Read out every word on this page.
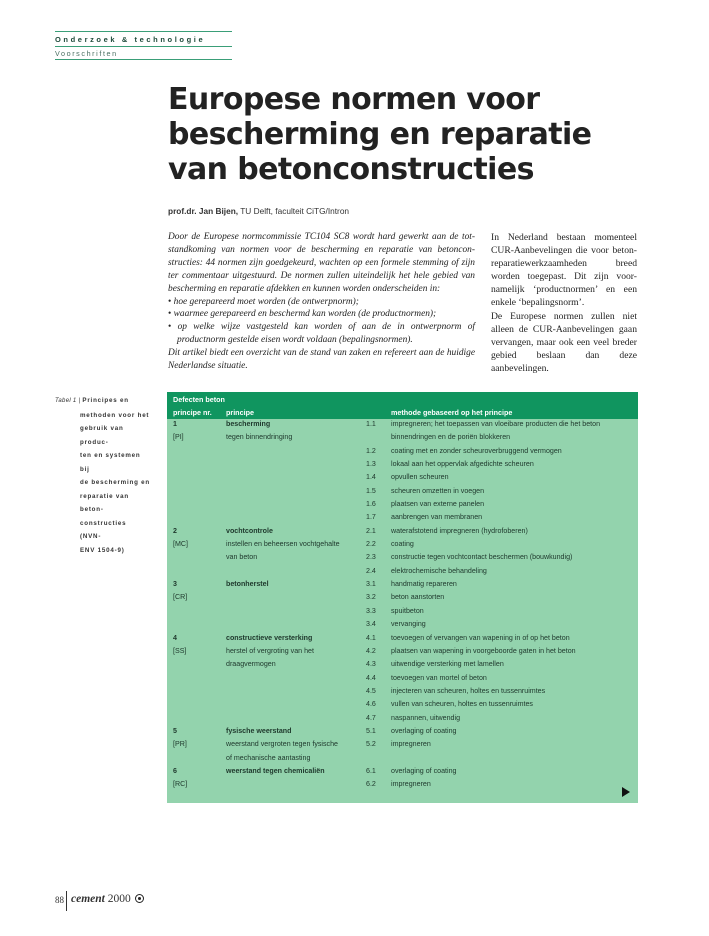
Onderzoek & technologie
Voorschriften
Europese normen voor
bescherming en reparatie
van betonconstructies
prof.dr. Jan Bijen, TU Delft, faculteit CiTG/Intron

Door de Europese normcommissie TC104 SC8 wordt hard gewerkt aan de tot-standkoming van normen voor de bescherming en reparatie van betoncon-structies: 44 normen zijn goedgekeurd, wachten op een formele stemming of zijn ter commentaar uitgestuurd. De normen zullen uiteindelijk het hele gebied van bescherming en reparatie afdekken en kunnen worden onderscheiden in:

• hoe gerepareerd moet worden (de ontwerpnorm);
• waarmee gerepareerd en beschermd kan worden (de productnormen);
• op welke wijze vastgesteld kan worden of aan de in ontwerpnorm of productnorm gestelde eisen wordt voldaan (bepalingsnormen).

Dit artikel biedt een overzicht van de stand van zaken en refereert aan de huidige Nederlandse situatie.

In Nederland bestaan momenteel CUR-Aanbevelingen die voor beton-reparatiewerkzaamheden breed worden toegepast. Dit zijn voor-namelijk ‘productnormen’ en een enkele ‘bepalingsnorm’.

De Europese normen zullen niet alleen de CUR-Aanbevelingen gaan vervangen, maar ook een veel breder gebied beslaan dan deze aanbevelingen.

Tabel 1 | Principes en
methoden voor het
gebruik van produc-
ten en systemen bij
de bescherming en
reparatie van beton-
constructies (NVN-
ENV 1504-9)
Defecten beton
principe nr. principe	methode gebaseerd op het principe
1	bescherming	1.1 impregneren; het toepassen van vloeibare producten die het beton
[PI]	tegen binnendringing	binnendringen en de poriën blokkeren
1.2 coating met en zonder scheuroverbruggend vermogen
1.3 lokaal aan het oppervlak afgedichte scheuren
1.4 opvullen scheuren
1.5 scheuren omzetten in voegen
1.6 plaatsen van externe panelen
1.7 aanbrengen van membranen
2	vochtcontrole	2.1 waterafstotend impregneren (hydrofoberen)
[MC]	instellen en beheersen vochtgehalte	2.2 coating
van beton	2.3 constructie tegen vochtcontact beschermen (bouwkundig)
2.4 elektrochemische behandeling
3	betonherstel	3.1 handmatig repareren
[CR]	3.2 beton aanstorten
3.3 spuitbeton
3.4 vervanging
4	constructieve versterking	4.1 toevoegen of vervangen van wapening in of op het beton
[SS]	herstel of vergroting van het	4.2 plaatsen van wapening in voorgeboorde gaten in het beton
draagvermogen	4.3 uitwendige versterking met lamellen
4.4 toevoegen van mortel of beton
4.5 injecteren van scheuren, holtes en tussenruimtes
4.6 vullen van scheuren, holtes en tussenruimtes
4.7 naspannen, uitwendig
5	fysische weerstand	5.1 overlaging of coating
[PR]	weerstand vergroten tegen fysische	5.2 impregneren
of mechanische aantasting
6	weerstand tegen chemicaliën	6.1 overlaging of coating
[RC]	6.2 impregneren
88 cement 2000
